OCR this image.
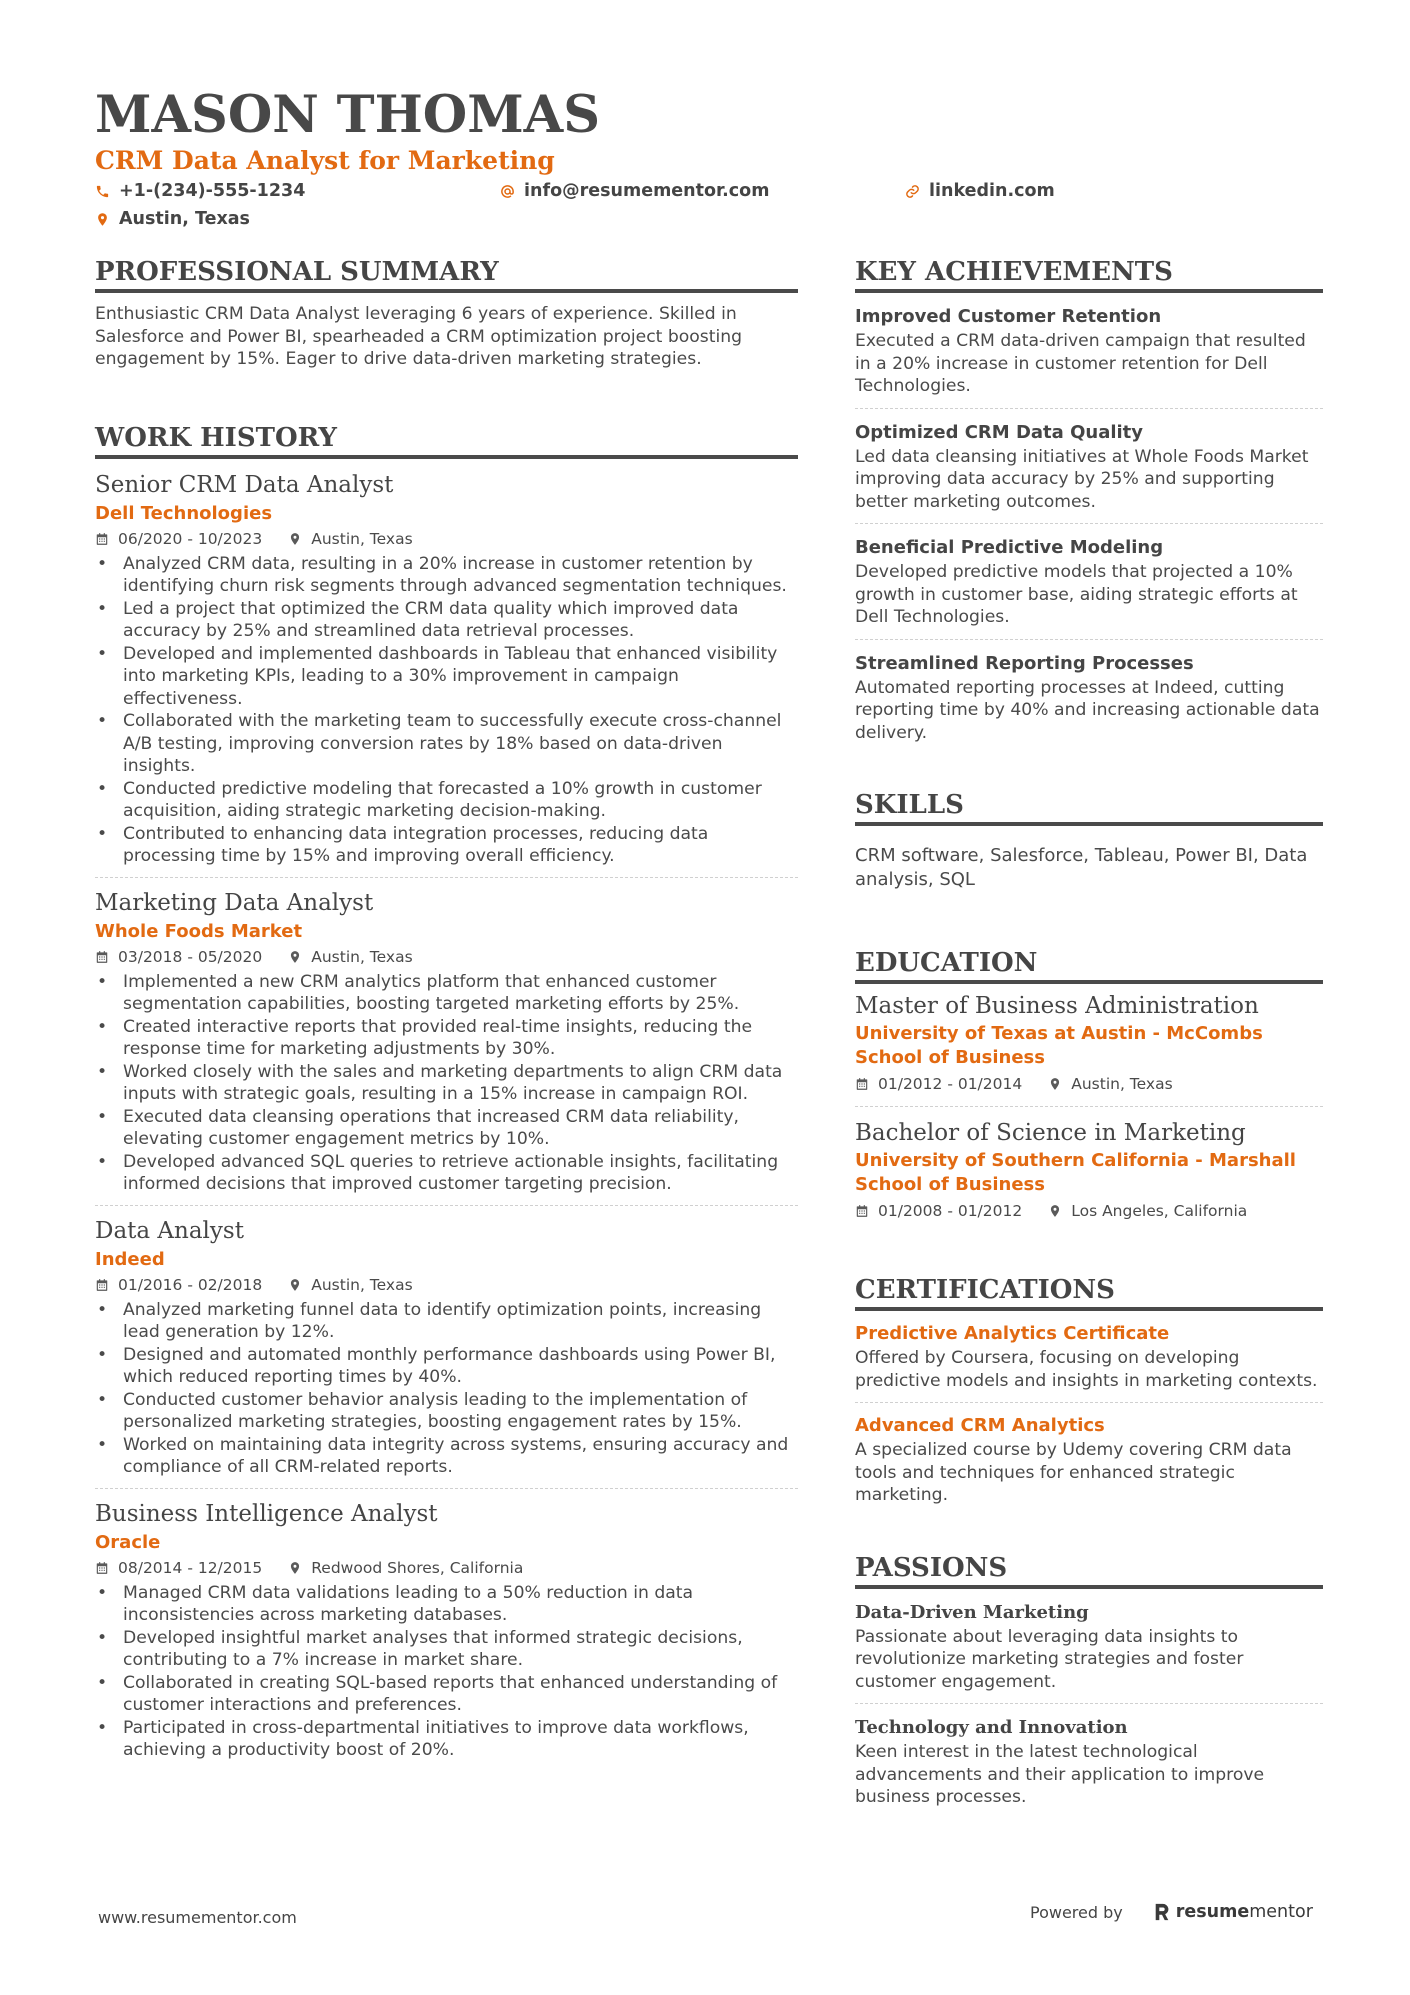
MASON THOMAS
CRM Data Analyst for Marketing
+1-(234)-555-1234	info@resumementor.com	linkedin.com
Austin, Texas
PROFESSIONAL SUMMARY
Enthusiastic CRM Data Analyst leveraging 6 years of experience. Skilled in Salesforce and Power BI, spearheaded a CRM optimization project boosting engagement by 15%. Eager to drive data-driven marketing strategies.
WORK HISTORY
Senior CRM Data Analyst
Dell Technologies
06/2020 - 10/2023	Austin, Texas
• Analyzed CRM data, resulting in a 20% increase in customer retention by identifying churn risk segments through advanced segmentation techniques.
• Led a project that optimized the CRM data quality which improved data accuracy by 25% and streamlined data retrieval processes.
• Developed and implemented dashboards in Tableau that enhanced visibility into marketing KPIs, leading to a 30% improvement in campaign effectiveness.
• Collaborated with the marketing team to successfully execute cross-channel A/B testing, improving conversion rates by 18% based on data-driven insights.
• Conducted predictive modeling that forecasted a 10% growth in customer acquisition, aiding strategic marketing decision-making.
• Contributed to enhancing data integration processes, reducing data processing time by 15% and improving overall efficiency.
Marketing Data Analyst
Whole Foods Market
03/2018 - 05/2020	Austin, Texas
• Implemented a new CRM analytics platform that enhanced customer segmentation capabilities, boosting targeted marketing efforts by 25%.
• Created interactive reports that provided real-time insights, reducing the response time for marketing adjustments by 30%.
• Worked closely with the sales and marketing departments to align CRM data inputs with strategic goals, resulting in a 15% increase in campaign ROI.
• Executed data cleansing operations that increased CRM data reliability, elevating customer engagement metrics by 10%.
• Developed advanced SQL queries to retrieve actionable insights, facilitating informed decisions that improved customer targeting precision.
Data Analyst
Indeed
01/2016 - 02/2018	Austin, Texas
• Analyzed marketing funnel data to identify optimization points, increasing lead generation by 12%.
• Designed and automated monthly performance dashboards using Power BI, which reduced reporting times by 40%.
• Conducted customer behavior analysis leading to the implementation of personalized marketing strategies, boosting engagement rates by 15%.
• Worked on maintaining data integrity across systems, ensuring accuracy and compliance of all CRM-related reports.
Business Intelligence Analyst
Oracle
08/2014 - 12/2015	Redwood Shores, California
• Managed CRM data validations leading to a 50% reduction in data inconsistencies across marketing databases.
• Developed insightful market analyses that informed strategic decisions, contributing to a 7% increase in market share.
• Collaborated in creating SQL-based reports that enhanced understanding of customer interactions and preferences.
• Participated in cross-departmental initiatives to improve data workflows, achieving a productivity boost of 20%.
KEY ACHIEVEMENTS
Improved Customer Retention
Executed a CRM data-driven campaign that resulted in a 20% increase in customer retention for Dell Technologies.
Optimized CRM Data Quality
Led data cleansing initiatives at Whole Foods Market improving data accuracy by 25% and supporting better marketing outcomes.
Beneficial Predictive Modeling
Developed predictive models that projected a 10% growth in customer base, aiding strategic efforts at Dell Technologies.
Streamlined Reporting Processes
Automated reporting processes at Indeed, cutting reporting time by 40% and increasing actionable data delivery.
SKILLS
CRM software, Salesforce, Tableau, Power BI, Data analysis, SQL
EDUCATION
Master of Business Administration
University of Texas at Austin - McCombs School of Business
01/2012 - 01/2014	Austin, Texas
Bachelor of Science in Marketing
University of Southern California - Marshall School of Business
01/2008 - 01/2012	Los Angeles, California
CERTIFICATIONS
Predictive Analytics Certificate
Offered by Coursera, focusing on developing predictive models and insights in marketing contexts.
Advanced CRM Analytics
A specialized course by Udemy covering CRM data tools and techniques for enhanced strategic marketing.
PASSIONS
Data-Driven Marketing
Passionate about leveraging data insights to revolutionize marketing strategies and foster customer engagement.
Technology and Innovation
Keen interest in the latest technological advancements and their application to improve business processes.
www.resumementor.com	Powered by	resumementor
